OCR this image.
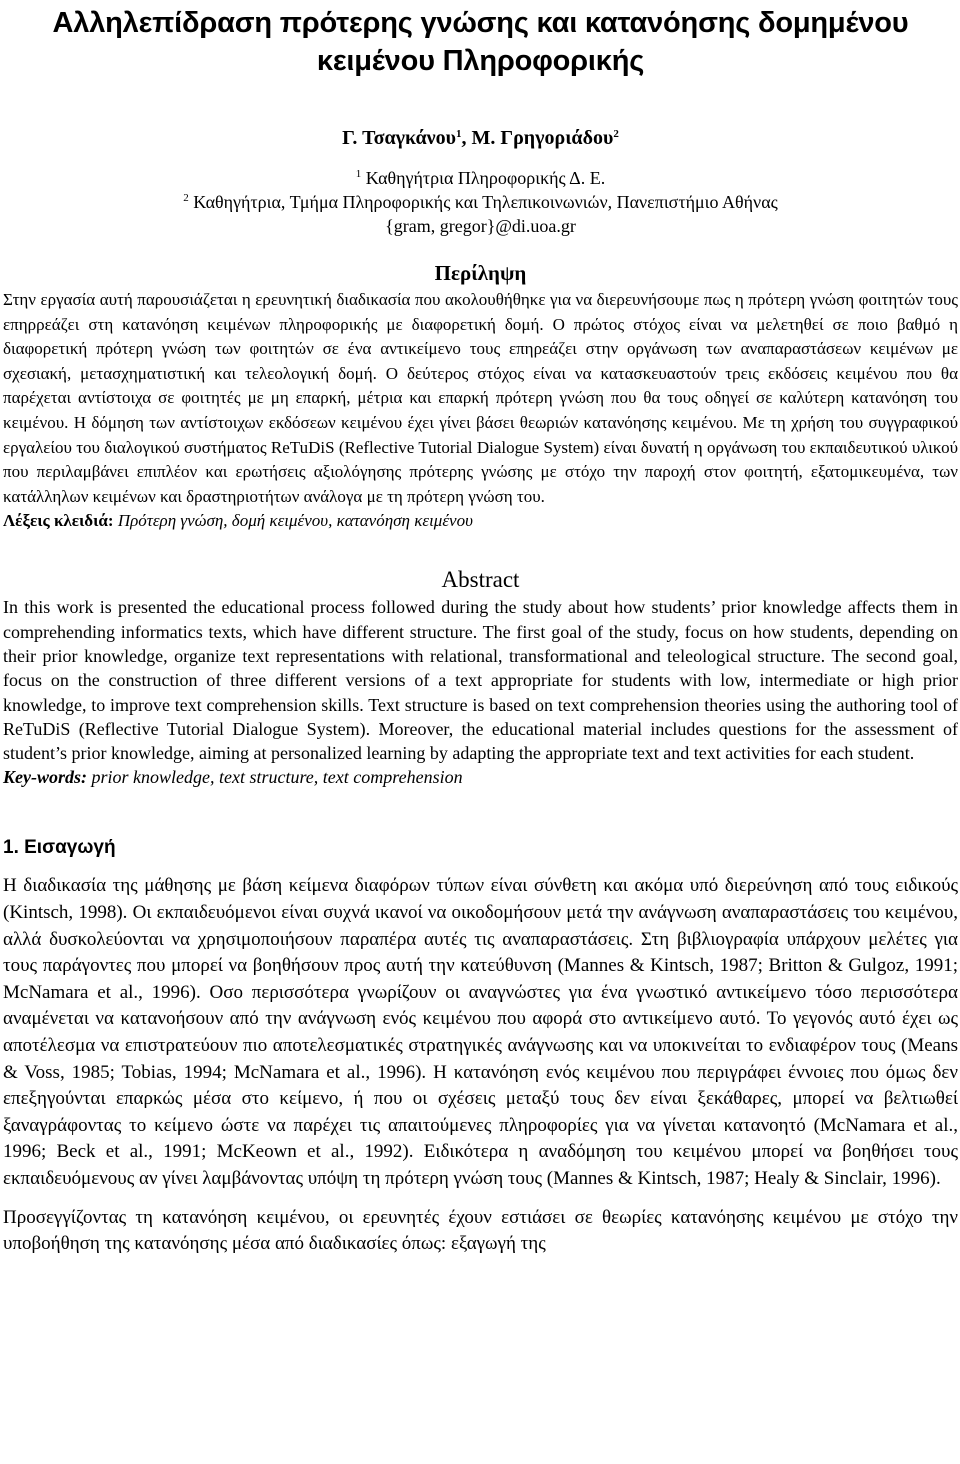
Αλληλεπίδραση πρότερης γνώσης και κατανόησης δομημένου κειμένου Πληροφορικής
Γ. Τσαγκάνου$^1$, Μ. Γρηγοριάδου$^2$
$^1$ Καθηγήτρια Πληροφορικής Δ. Ε.
$^2$ Καθηγήτρια, Τμήμα Πληροφορικής και Τηλεπικοινωνιών, Πανεπιστήμιο Αθήνας
{gram, gregor}@di.uoa.gr
Περίληψη
Στην εργασία αυτή παρουσιάζεται η ερευνητική διαδικασία που ακολουθήθηκε για να διερευνήσουμε πως η πρότερη γνώση φοιτητών τους επηρρεάζει στη κατανόηση κειμένων πληροφορικής με διαφορετική δομή. Ο πρώτος στόχος είναι να μελετηθεί σε ποιο βαθμό η διαφορετική πρότερη γνώση των φοιτητών σε ένα αντικείμενο τους επηρεάζει στην οργάνωση των αναπαραστάσεων κειμένων με σχεσιακή, μετασχηματιστική και τελεολογική δομή. Ο δεύτερος στόχος είναι να κατασκευαστούν τρεις εκδόσεις κειμένου που θα παρέχεται αντίστοιχα σε φοιτητές με μη επαρκή, μέτρια και επαρκή πρότερη γνώση που θα τους οδηγεί σε καλύτερη κατανόηση του κειμένου. Η δόμηση των αντίστοιχων εκδόσεων κειμένου έχει γίνει βάσει θεωριών κατανόησης κειμένου. Με τη χρήση του συγγραφικού εργαλείου του διαλογικού συστήματος ReTuDiS (Reflective Tutorial Dialogue System) είναι δυνατή η οργάνωση του εκπαιδευτικού υλικού που περιλαμβάνει επιπλέον και ερωτήσεις αξιολόγησης πρότερης γνώσης με στόχο την παροχή στον φοιτητή, εξατομικευμένα, των κατάλληλων κειμένων και δραστηριοτήτων ανάλογα με τη πρότερη γνώση του.
Λέξεις κλειδιά: Πρότερη γνώση, δομή κειμένου, κατανόηση κειμένου
Abstract
In this work is presented the educational process followed during the study about how students’ prior knowledge affects them in comprehending informatics texts, which have different structure. The first goal of the study, focus on how students, depending on their prior knowledge, organize text representations with relational, transformational and teleological structure. The second goal, focus on the construction of three different versions of a text appropriate for students with low, intermediate or high prior knowledge, to improve text comprehension skills. Text structure is based on text comprehension theories using the authoring tool of ReTuDiS (Reflective Tutorial Dialogue System). Moreover, the educational material includes questions for the assessment of student’s prior knowledge, aiming at personalized learning by adapting the appropriate text and text activities for each student.
Key-words: prior knowledge, text structure, text comprehension
1. Εισαγωγή
Η διαδικασία της μάθησης με βάση κείμενα διαφόρων τύπων είναι σύνθετη και ακόμα υπό διερεύνηση από τους ειδικούς (Kintsch, 1998). Οι εκπαιδευόμενοι είναι συχνά ικανοί να οικοδομήσουν μετά την ανάγνωση αναπαραστάσεις του κειμένου, αλλά δυσκολεύονται να χρησιμοποιήσουν παραπέρα αυτές τις αναπαραστάσεις. Στη βιβλιογραφία υπάρχουν μελέτες για τους παράγοντες που μπορεί να βοηθήσουν προς αυτή την κατεύθυνση (Mannes & Kintsch, 1987; Britton & Gulgoz, 1991; McNamara et al., 1996). Οσο περισσότερα γνωρίζουν οι αναγνώστες για ένα γνωστικό αντικείμενο τόσο περισσότερα αναμένεται να κατανοήσουν από την ανάγνωση ενός κειμένου που αφορά στο αντικείμενο αυτό. Το γεγονός αυτό έχει ως αποτέλεσμα να επιστρατεύουν πιο αποτελεσματικές στρατηγικές ανάγνωσης και να υποκινείται το ενδιαφέρον τους (Means & Voss, 1985; Tobias, 1994; McNamara et al., 1996). Η κατανόηση ενός κειμένου που περιγράφει έννοιες που όμως δεν επεξηγούνται επαρκώς μέσα στο κείμενο, ή που οι σχέσεις μεταξύ τους δεν είναι ξεκάθαρες, μπορεί να βελτιωθεί ξαναγράφοντας το κείμενο ώστε να παρέχει τις απαιτούμενες πληροφορίες για να γίνεται κατανοητό (McNamara et al., 1996; Beck et al., 1991; McKeown et al., 1992). Ειδικότερα η αναδόμηση του κειμένου μπορεί να βοηθήσει τους εκπαιδευόμενους αν γίνει λαμβάνοντας υπόψη τη πρότερη γνώση τους (Mannes & Kintsch, 1987; Healy & Sinclair, 1996).
Προσεγγίζοντας τη κατανόηση κειμένου, οι ερευνητές έχουν εστιάσει σε θεωρίες κατανόησης κειμένου με στόχο την υποβοήθηση της κατανόησης μέσα από διαδικασίες όπως: εξαγωγή της
